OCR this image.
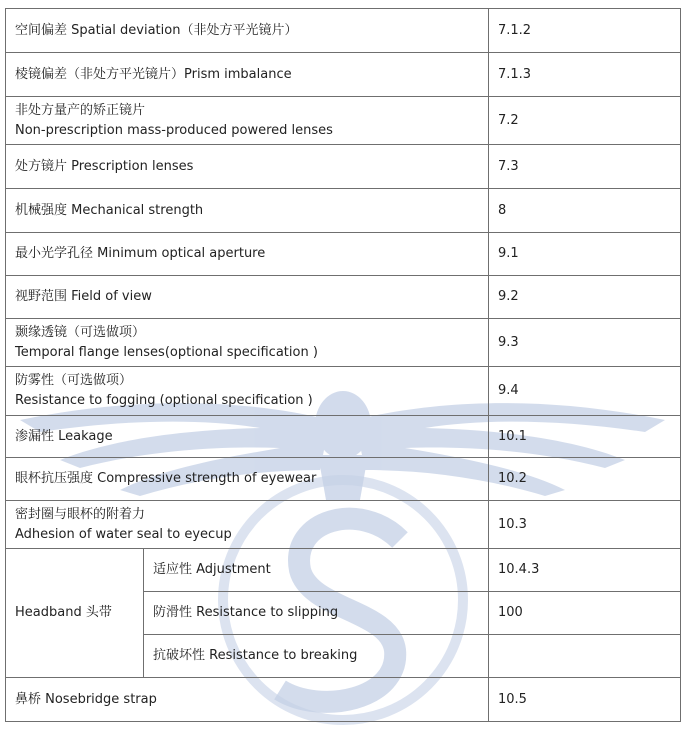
空间偏差 Spatial deviation（非处方平光镜片）		7.1.2
棱镜偏差（非处方平光镜片）Prism imbalance		7.1.3

非处方量产的矫正镜片
Non-prescription mass-produced powered lenses		7.2
处方镜片 Prescription lenses		7.3
机械强度 Mechanical strength		8
最小光学孔径 Minimum optical aperture		9.1
视野范围 Field of view		9.2

颞缘透镜（可选做项）
Temporal flange lenses(optional specification )		9.3

防雾性（可选做项）
Resistance to fogging (optional specification )		9.4
渗漏性 Leakage		10.1
眼杯抗压强度 Compressive strength of eyewear		10.2

密封圈与眼杯的附着力
Adhesion of water seal to eyecup		10.3
Headband 头带	适应性 Adjustment	10.4.3
	防滑性 Resistance to slipping	100
	抗破坏性 Resistance to breaking	
鼻桥 Nosebridge strap		10.5
